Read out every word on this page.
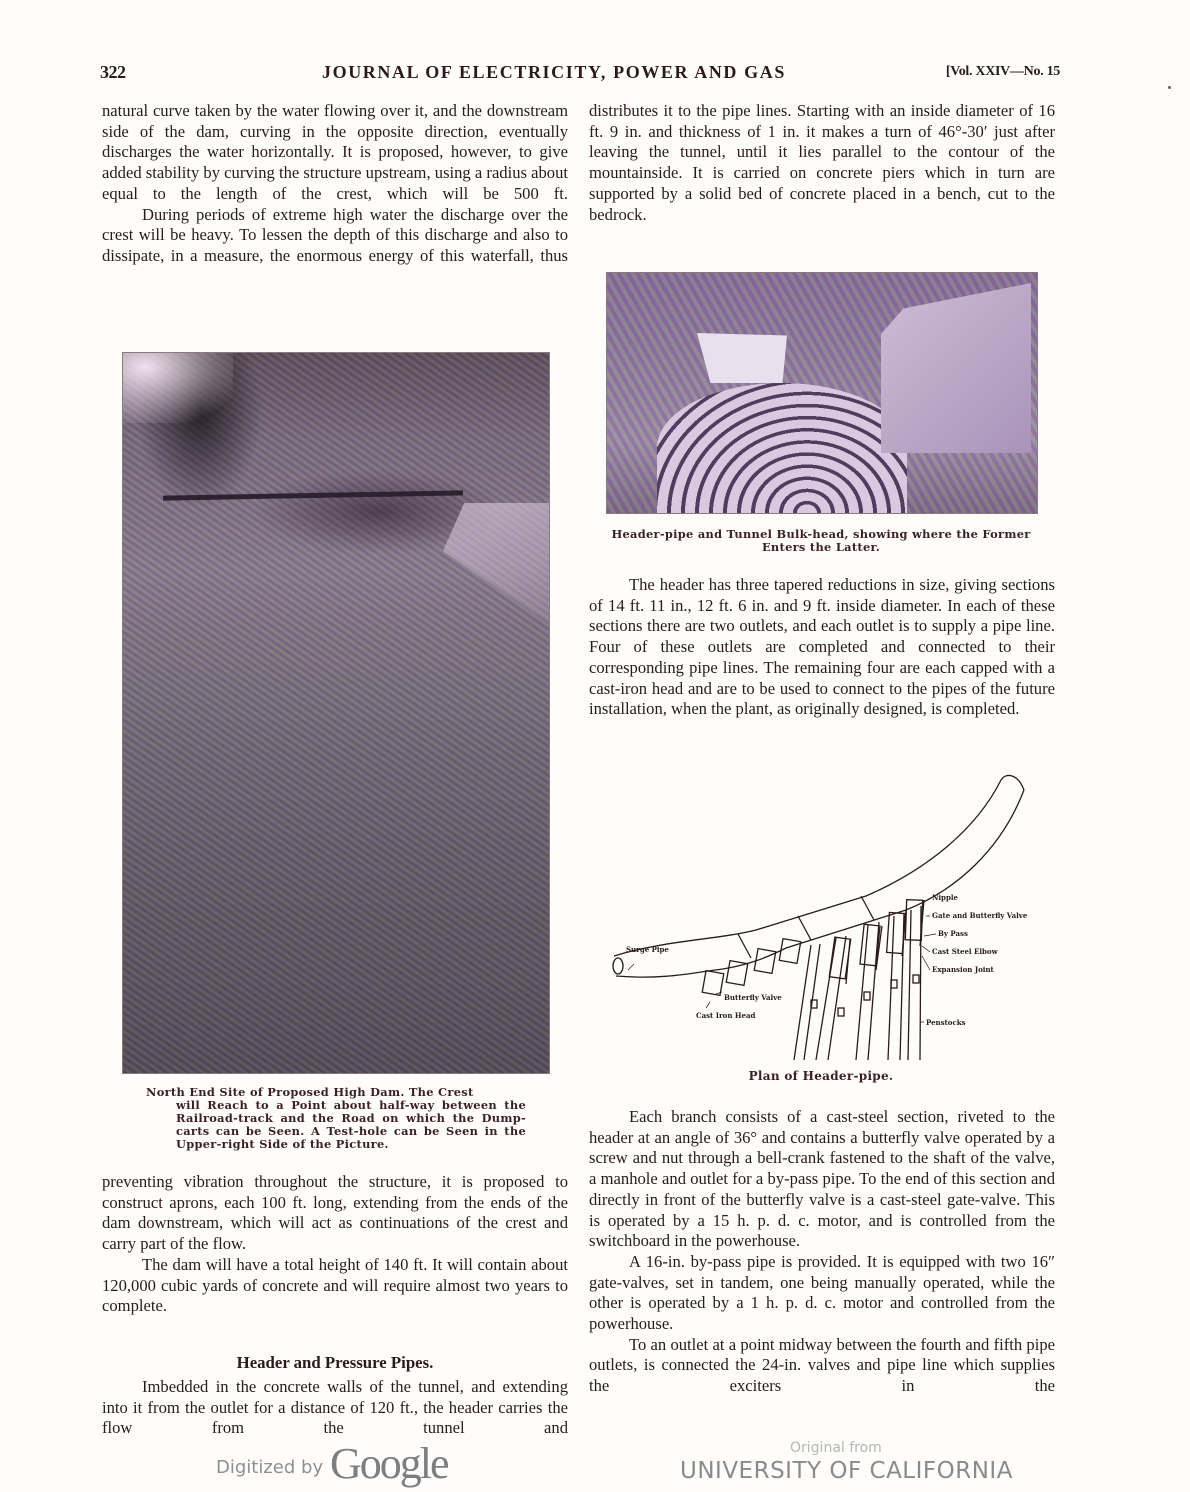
322	JOURNAL OF ELECTRICITY, POWER AND GAS	[Vol. XXIV—No. 15

natural curve taken by the water flowing over it, and the downstream side of the dam, curving in the opposite direction, eventually discharges the water horizontally. It is proposed, however, to give added stability by curving the structure upstream, using a radius about equal to the length of the crest, which will be 500 ft.

During periods of extreme high water the discharge over the crest will be heavy. To lessen the depth of this discharge and also to dissipate, in a measure, the enormous energy of this waterfall, thus

North End Site of Proposed High Dam. The Crest
will Reach to a Point about half-way between the Railroad-track and the Road on which the Dump-carts can be Seen. A Test-hole can be Seen in the Upper-right Side of the Picture.

preventing vibration throughout the structure, it is proposed to construct aprons, each 100 ft. long, extending from the ends of the dam downstream, which will act as continuations of the crest and carry part of the flow.

The dam will have a total height of 140 ft. It will contain about 120,000 cubic yards of concrete and will require almost two years to complete.

Header and Pressure Pipes.

Imbedded in the concrete walls of the tunnel, and extending into it from the outlet for a distance of 120 ft., the header carries the flow from the tunnel and

distributes it to the pipe lines. Starting with an inside diameter of 16 ft. 9 in. and thickness of 1 in. it makes a turn of 46°-30′ just after leaving the tunnel, until it lies parallel to the contour of the mountainside. It is carried on concrete piers which in turn are supported by a solid bed of concrete placed in a bench, cut to the bedrock.

Header-pipe and Tunnel Bulk-head, showing where the Former Enters the Latter.

The header has three tapered reductions in size, giving sections of 14 ft. 11 in., 12 ft. 6 in. and 9 ft. inside diameter. In each of these sections there are two outlets, and each outlet is to supply a pipe line. Four of these outlets are completed and connected to their corresponding pipe lines. The remaining four are each capped with a cast-iron head and are to be used to connect to the pipes of the future installation, when the plant, as originally designed, is completed.

Nipple
Gate and Butterfly Valve
By Pass
Cast Steel Elbow
Expansion Joint
Surge Pipe
Butterfly Valve
Cast Iron Head
Penstocks
Plan of Header-pipe.

Each branch consists of a cast-steel section, riveted to the header at an angle of 36° and contains a butterfly valve operated by a screw and nut through a bell-crank fastened to the shaft of the valve, a manhole and outlet for a by-pass pipe. To the end of this section and directly in front of the butterfly valve is a cast-steel gate-valve. This is operated by a 15 h. p. d. c. motor, and is controlled from the switchboard in the powerhouse.

A 16-in. by-pass pipe is provided. It is equipped with two 16″ gate-valves, set in tandem, one being manually operated, while the other is operated by a 1 h. p. d. c. motor and controlled from the powerhouse.

To an outlet at a point midway between the fourth and fifth pipe outlets, is connected the 24-in. valves and pipe line which supplies the exciters in the

Digitized by Google	Original from
UNIVERSITY OF CALIFORNIA
